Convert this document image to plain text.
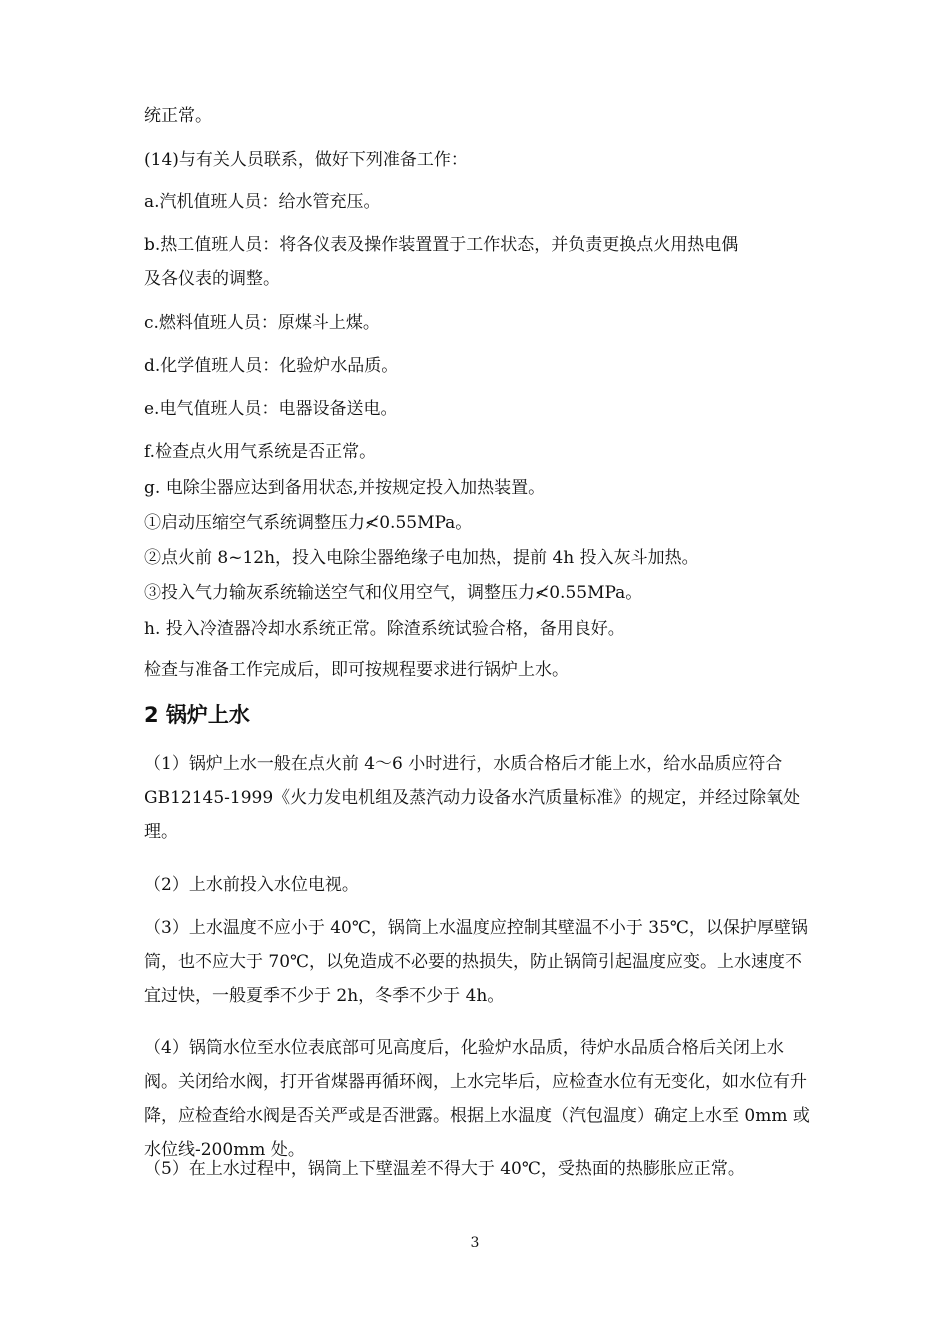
统正常。
(14)与有关人员联系，做好下列准备工作：
a.汽机值班人员：给水管充压。
b.热工值班人员：将各仪表及操作装置置于工作状态，并负责更换点火用热电偶
及各仪表的调整。
c.燃料值班人员：原煤斗上煤。
d.化学值班人员：化验炉水品质。
e.电气值班人员：电器设备送电。
f.检查点火用气系统是否正常。
g. 电除尘器应达到备用状态,并按规定投入加热装置。
①启动压缩空气系统调整压力≮0.55MPa。
②点火前 8~12h，投入电除尘器绝缘子电加热，提前 4h 投入灰斗加热。
③投入气力输灰系统输送空气和仪用空气，调整压力≮0.55MPa。
h. 投入冷渣器冷却水系统正常。除渣系统试验合格，备用良好。
检查与准备工作完成后，即可按规程要求进行锅炉上水。
2 锅炉上水
（1）锅炉上水一般在点火前 4～6 小时进行，水质合格后才能上水，给水品质应符合 GB12145-1999《火力发电机组及蒸汽动力设备水汽质量标准》的规定，并经过除氧处理。
（2）上水前投入水位电视。
（3）上水温度不应小于 40℃，锅筒上水温度应控制其壁温不小于 35℃，以保护厚壁锅筒，也不应大于 70℃，以免造成不必要的热损失，防止锅筒引起温度应变。上水速度不宜过快，一般夏季不少于 2h，冬季不少于 4h。
（4）锅筒水位至水位表底部可见高度后，化验炉水品质，待炉水品质合格后关闭上水阀。关闭给水阀，打开省煤器再循环阀，上水完毕后，应检查水位有无变化，如水位有升降，应检查给水阀是否关严或是否泄露。根据上水温度（汽包温度）确定上水至 0mm 或水位线-200mm 处。
（5）在上水过程中，锅筒上下壁温差不得大于 40℃，受热面的热膨胀应正常。
3
